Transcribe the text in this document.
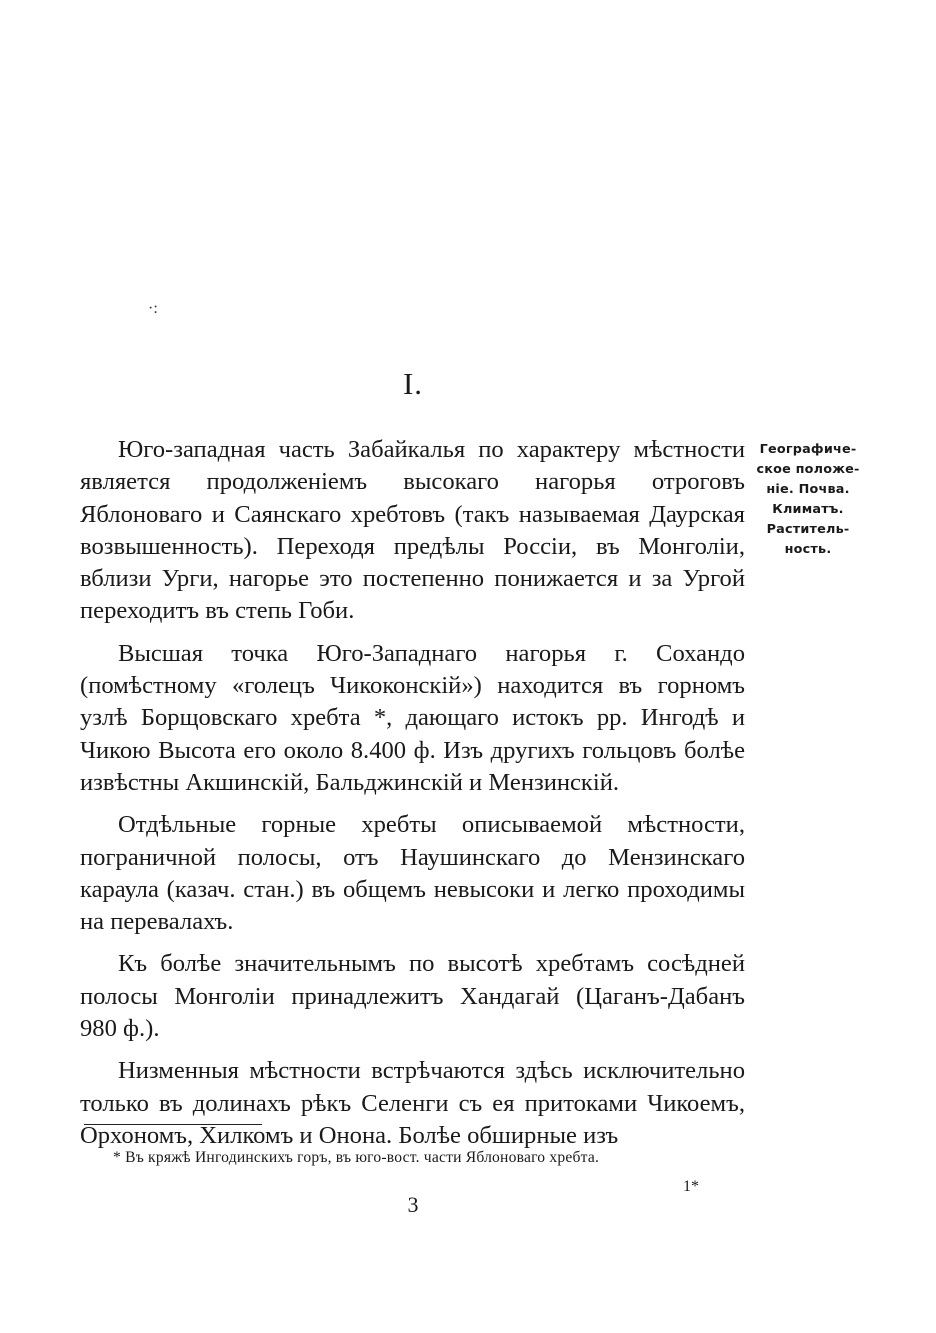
·:
I.

Юго-западная часть Забайкалья по характеру мѣстности является продолженіемъ высокаго нагорья отроговъ Яблоноваго и Саянскаго хребтовъ (такъ называемая Даурская возвышенность). Переходя предѣлы Россіи, въ Монголіи, вблизи Урги, нагорье это постепенно понижается и за Ургой переходитъ въ степь Гоби.

Высшая точка Юго-Западнаго нагорья г. Сохандо (помѣстному «голецъ Чикоконскій») находится въ горномъ узлѣ Борщовскаго хребта *, дающаго истокъ рр. Ингодѣ и Чикою Высота его около 8.400 ф. Изъ другихъ гольцовъ болѣе извѣстны Акшинскій, Бальджинскій и Мензинскій.

Отдѣльные горные хребты описываемой мѣстности, пограничной полосы, отъ Наушинскаго до Мензинскаго караула (казач. стан.) въ общемъ невысоки и легко проходимы на перевалахъ.

Къ болѣе значительнымъ по высотѣ хребтамъ сосѣдней полосы Монголіи принадлежитъ Хандагай (Цаганъ-Дабанъ 980 ф.).

Низменныя мѣстности встрѣчаются здѣсь исключительно только въ долинахъ рѣкъ Селенги съ ея притоками Чикоемъ, Орхономъ, Хилкомъ и Онона. Болѣе обширные изъ

Географиче-
ское положе-
ніе. Почва.
Климатъ.
Раститель-
ность.
* Въ кряжѣ Ингодинскихъ горъ, въ юго-вост. части Яблоноваго хребта.
1*
3
